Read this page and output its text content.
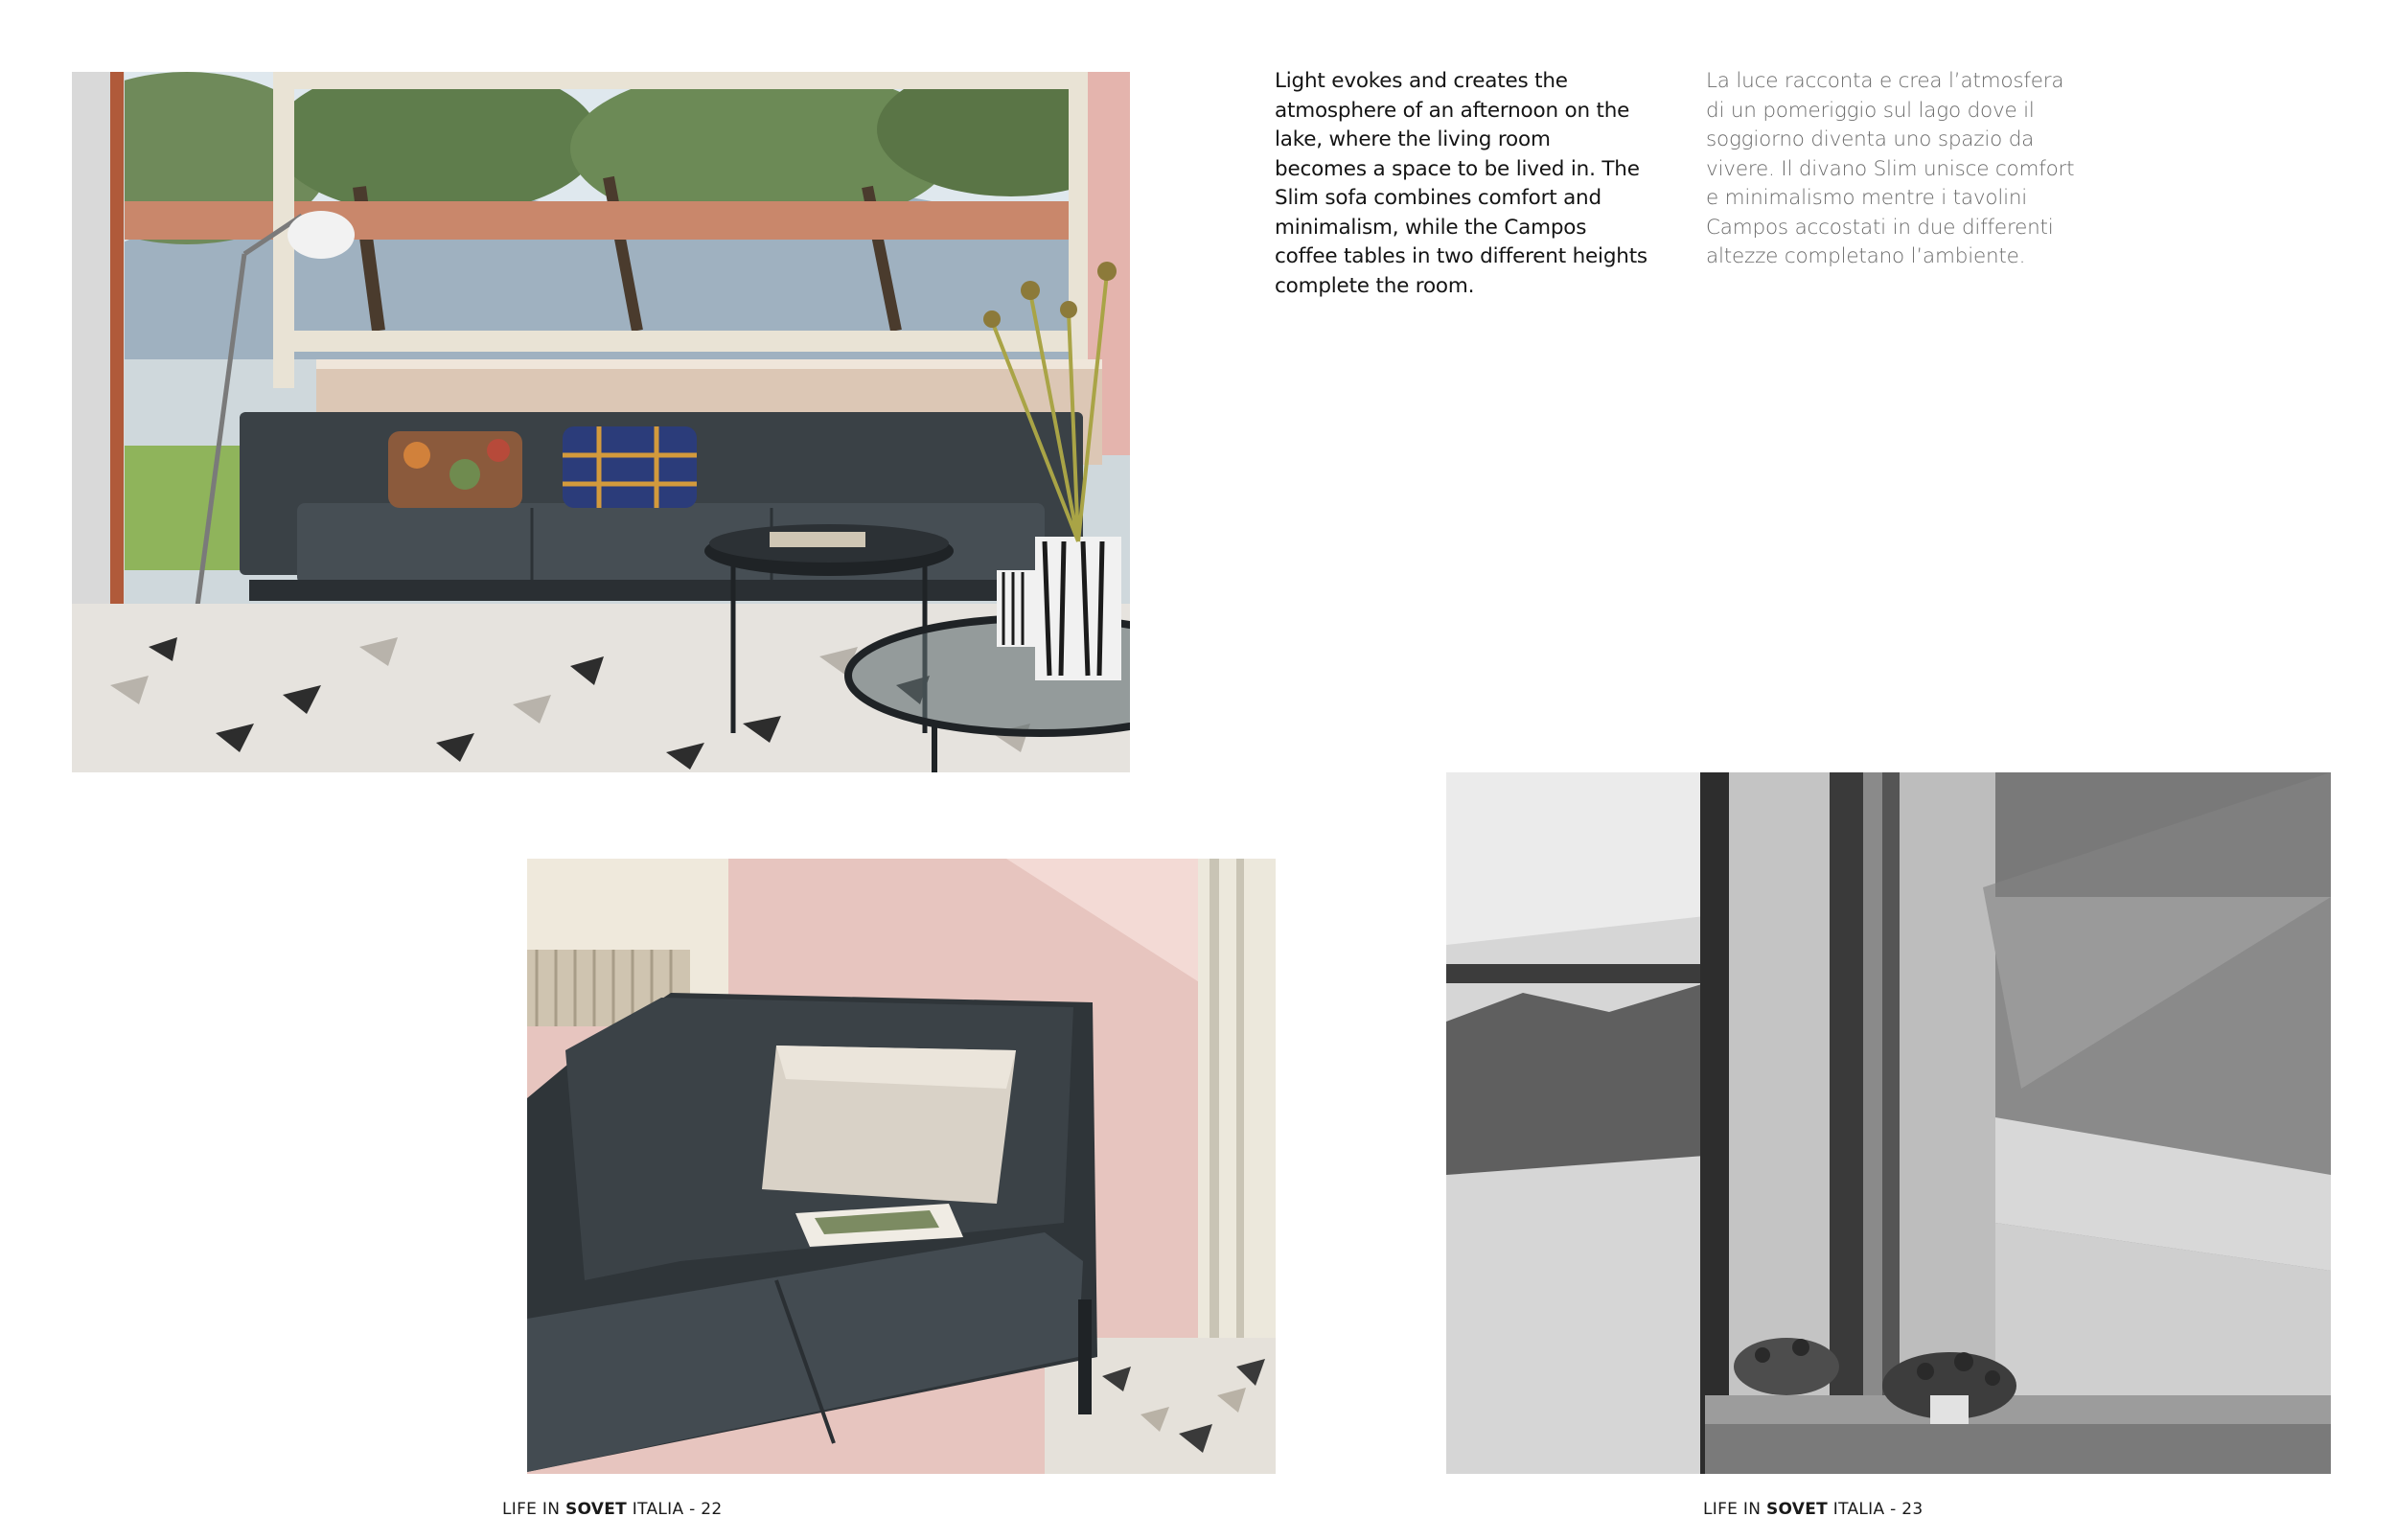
Light evokes and creates the atmosphere of an afternoon on the lake, where the living room becomes a space to be lived in. The Slim sofa combines comfort and minimalism, while the Campos coffee tables in two different heights complete the room.

La luce racconta e crea l’atmosfera di un pomeriggio sul lago dove il soggiorno diventa uno spazio da vivere. Il divano Slim unisce comfort e minimalismo mentre i tavolini Campos accostati in due differenti altezze completano l’ambiente.

LIFE IN SOVET ITALIA - 22	LIFE IN SOVET ITALIA - 23
